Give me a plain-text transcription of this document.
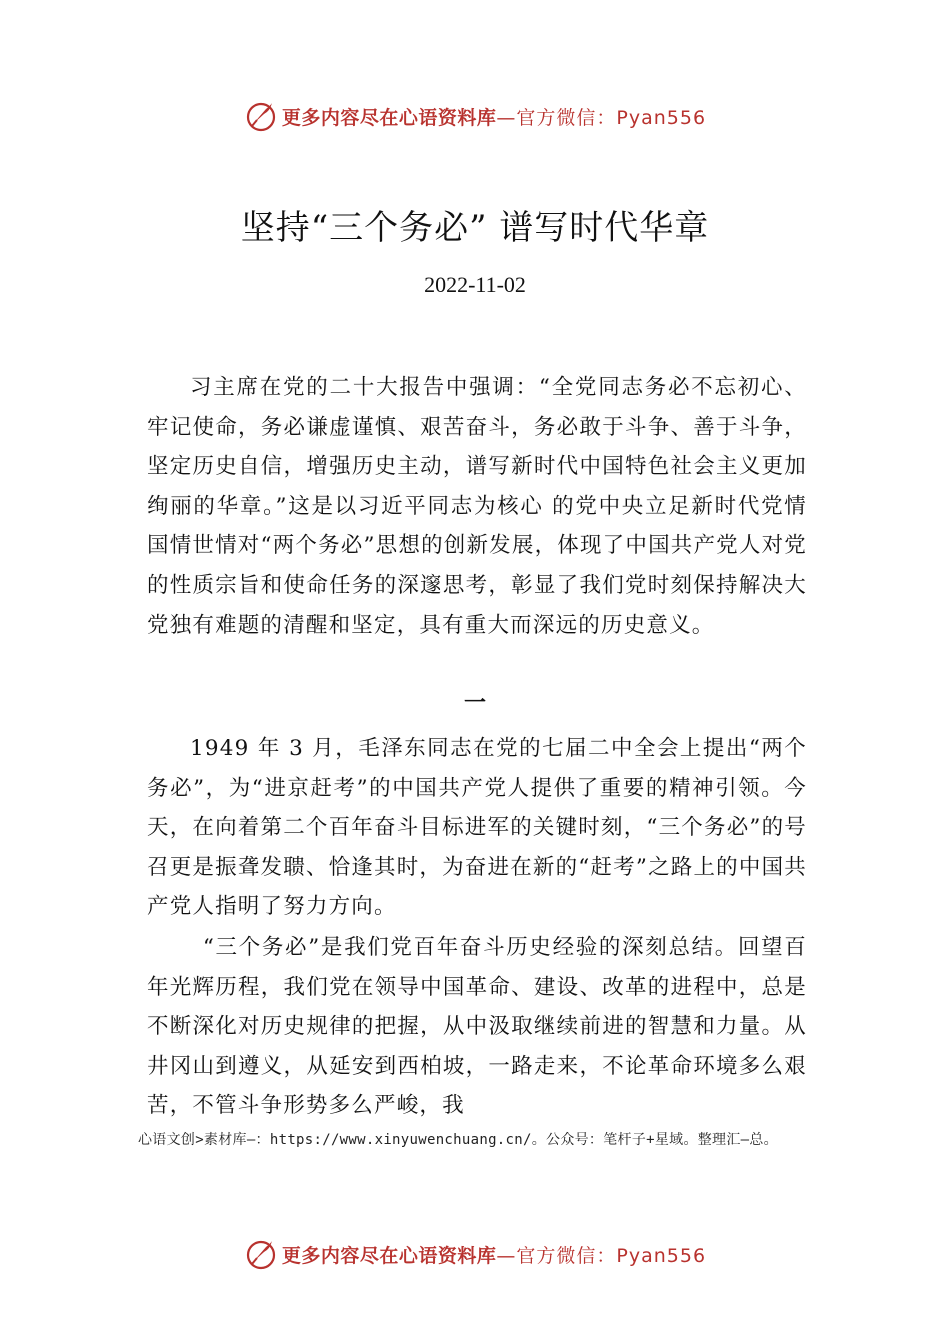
更多内容尽在心语资料库 —官方微信：Pyan556
坚持“三个务必” 谱写时代华章
2022-11-02

习主席在党的二十大报告中强调：“全党同志务必不忘初心、牢记使命，务必谦虚谨慎、艰苦奋斗，务必敢于斗争、善于斗争，坚定历史自信，增强历史主动，谱写新时代中国特色社会主义更加绚丽的华章。”这是以习近平同志为核心 的党中央立足新时代党情国情世情对“两个务必”思想的创新发展，体现了中国共产党人对党的性质宗旨和使命任务的深邃思考，彰显了我们党时刻保持解决大党独有难题的清醒和坚定，具有重大而深远的历史意义。

一

1949 年 3 月，毛泽东同志在党的七届二中全会上提出“两个务必”，为“进京赶考”的中国共产党人提供了重要的精神引领。今天，在向着第二个百年奋斗目标进军的关键时刻，“三个务必”的号召更是振聋发聩、恰逢其时，为奋进在新的“赶考”之路上的中国共产党人指明了努力方向。

“三个务必”是我们党百年奋斗历史经验的深刻总结。回望百年光辉历程，我们党在领导中国革命、建设、改革的进程中，总是不断深化对历史规律的把握，从中汲取继续前进的智慧和力量。从井冈山到遵义，从延安到西柏坡，一路走来，不论革命环境多么艰苦，不管斗争形势多么严峻，我

心语文创>素材库—：https://www.xinyuwenchuang.cn/。公众号：笔杆子+星域。整理汇—总。
更多内容尽在心语资料库 —官方微信：Pyan556
